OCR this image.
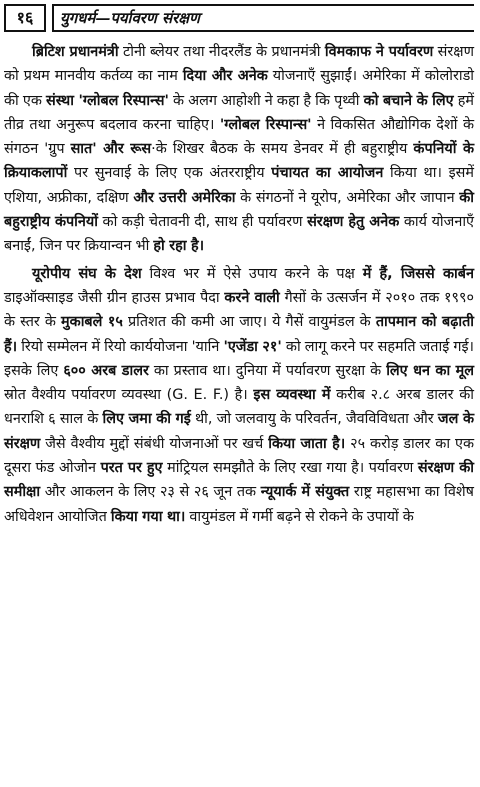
१६	युगधर्म—पर्यावरण संरक्षण

ब्रिटिश प्रधानमंत्री टोनी ब्लेयर तथा नीदरलैंड के प्रधानमंत्री विमकाफ ने पर्यावरण संरक्षण को प्रथम मानवीय कर्तव्य का नाम दिया और अनेक योजनाएँ सुझाईं। अमेरिका में कोलोराडो की एक संस्था 'ग्लोबल रिस्पान्स' के अलग आहोशी ने कहा है कि पृथ्वी को बचाने के लिए हमें तीव्र तथा अनुरूप बदलाव करना चाहिए। 'ग्लोबल रिस्पान्स' ने विकसित औद्योगिक देशों के संगठन 'ग्रुप सात' और रूस·के शिखर बैठक के समय डेनवर में ही बहुराष्ट्रीय कंपनियों के क्रियाकलापों पर सुनवाई के लिए एक अंतरराष्ट्रीय पंचायत का आयोजन किया था। इसमें एशिया, अफ्रीका, दक्षिण और उत्तरी अमेरिका के संगठनों ने यूरोप, अमेरिका और जापान की बहुराष्ट्रीय कंपनियों को कड़ी चेतावनी दी, साथ ही पर्यावरण संरक्षण हेतु अनेक कार्य योजनाएँ बनाईं, जिन पर क्रियान्वन भी हो रहा है।

यूरोपीय संघ के देश विश्व भर में ऐसे उपाय करने के पक्ष में हैं, जिससे कार्बन डाइऑक्साइड जैसी ग्रीन हाउस प्रभाव पैदा करने वाली गैसों के उत्सर्जन में २०१० तक १९९० के स्तर के मुकाबले १५ प्रतिशत की कमी आ जाए। ये गैसें वायुमंडल के तापमान को बढ़ाती हैं। रियो सम्मेलन में रियो कार्ययोजना 'यानि 'एजेंडा २१' को लागू करने पर सहमति जताई गई। इसके लिए ६०० अरब डालर का प्रस्ताव था। दुनिया में पर्यावरण सुरक्षा के लिए धन का मूल स्रोत वैश्वीय पर्यावरण व्यवस्था (G. E. F.) है। इस व्यवस्था में करीब २.८ अरब डालर की धनराशि ६ साल के लिए जमा की गई थी, जो जलवायु के परिवर्तन, जैवविविधता और जल के संरक्षण जैसे वैश्वीय मुद्दों संबंधी योजनाओं पर खर्च किया जाता है। २५ करोड़ डालर का एक दूसरा फंड ओजोन परत पर हुए मांट्रियल समझौते के लिए रखा गया है। पर्यावरण संरक्षण की समीक्षा और आकलन के लिए २३ से २६ जून तक न्यूयार्क में संयुक्त राष्ट्र महासभा का विशेष अधिवेशन आयोजित किया गया था। वायुमंडल में गर्मी बढ़ने से रोकने के उपायों के
